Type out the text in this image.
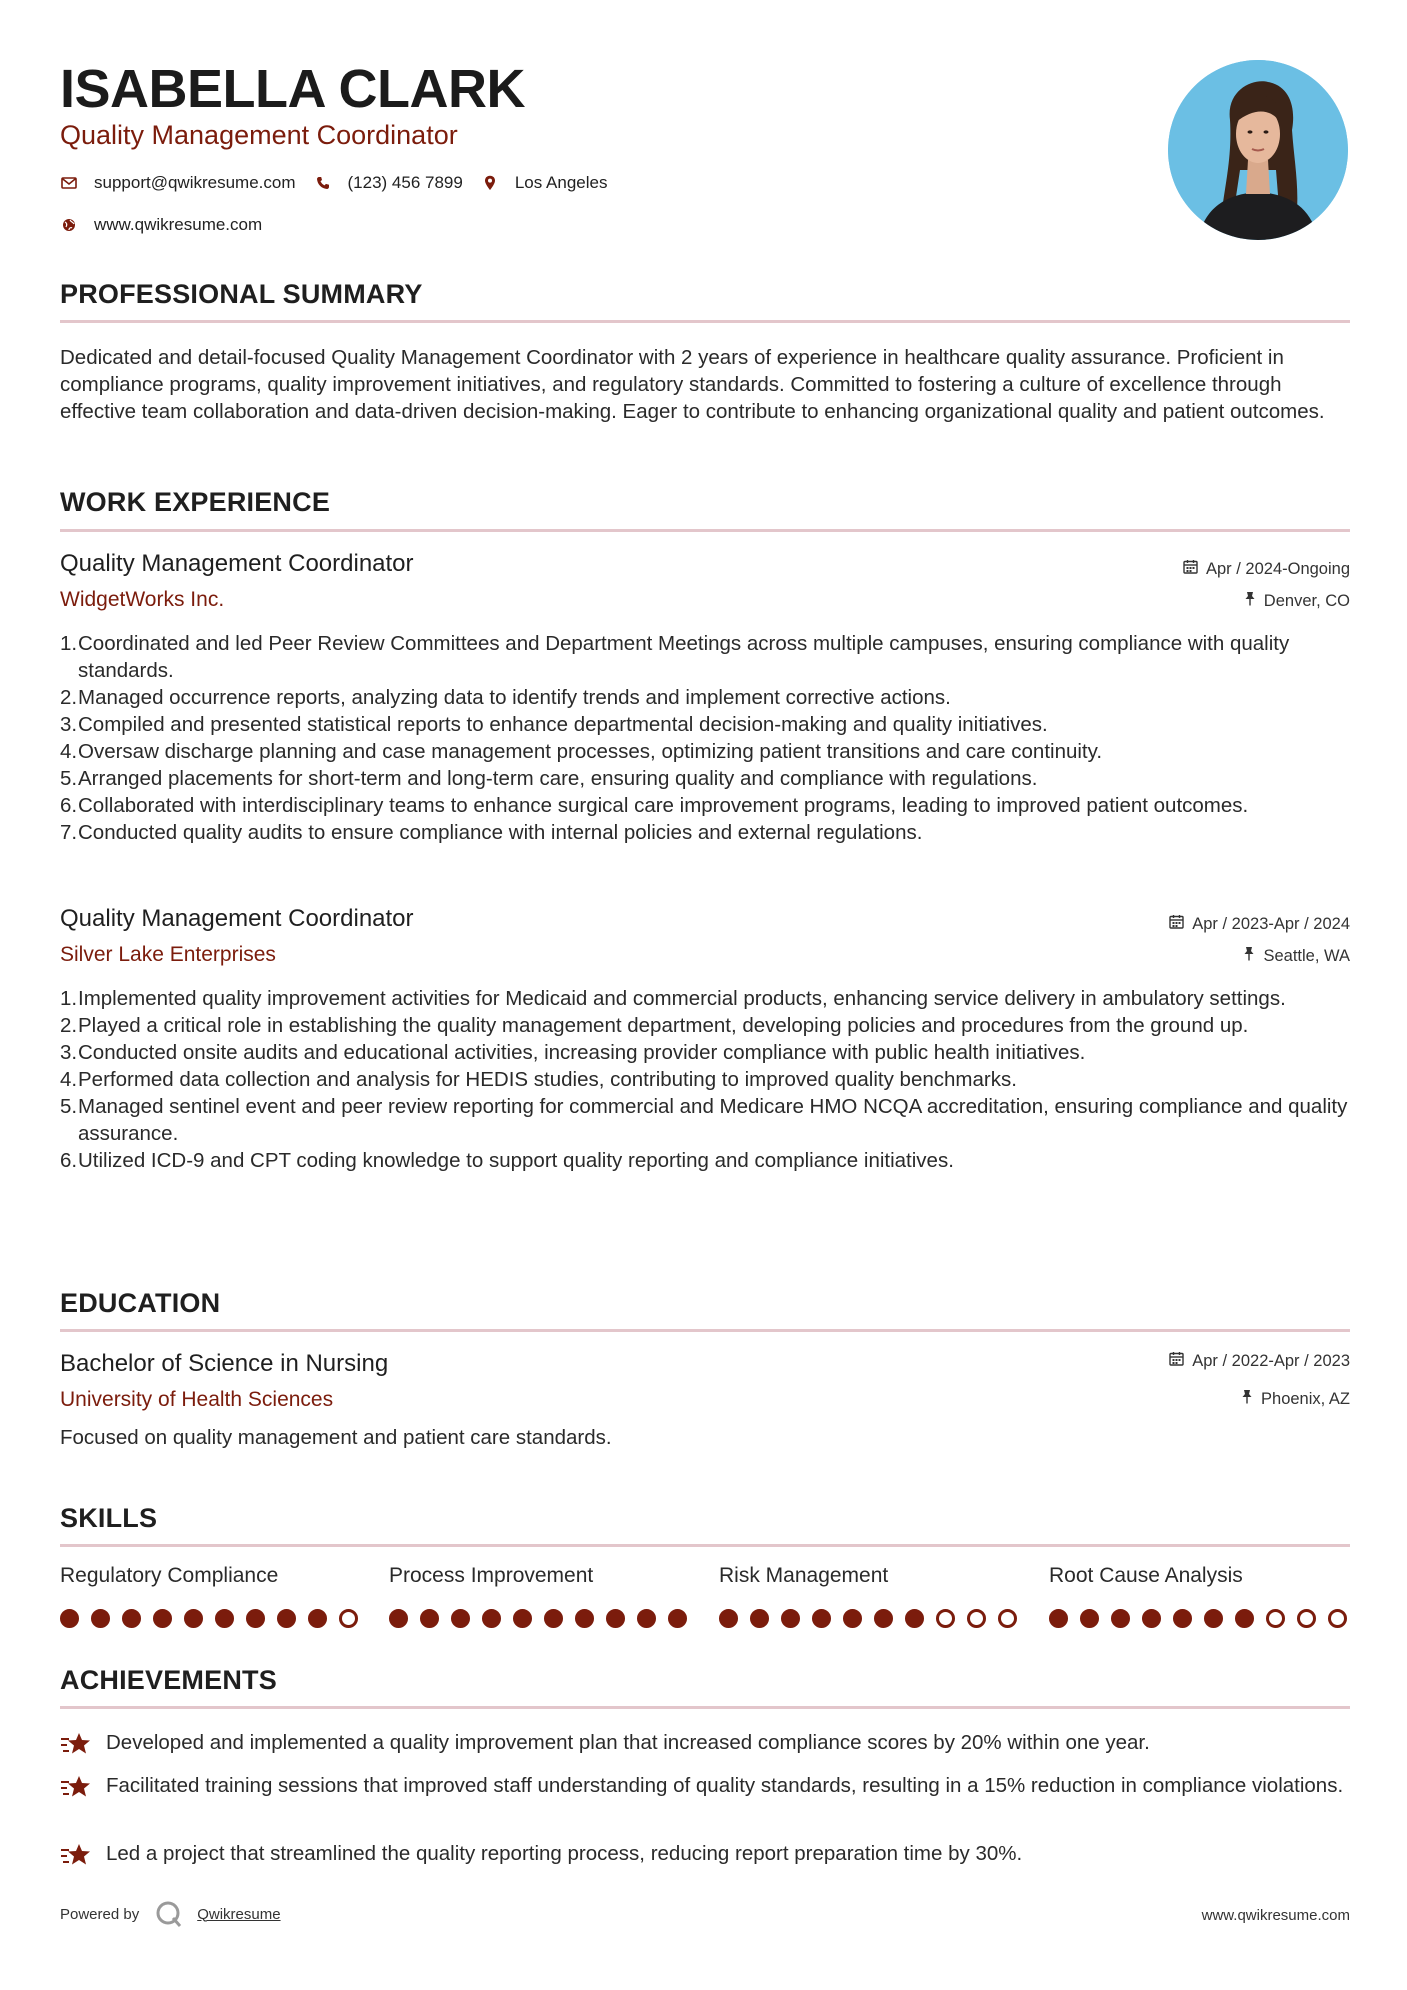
ISABELLA CLARK
Quality Management Coordinator
support@qwikresume.com	(123) 456 7899	Los Angeles
www.qwikresume.com
PROFESSIONAL SUMMARY
Dedicated and detail-focused Quality Management Coordinator with 2 years of experience in healthcare quality assurance. Proficient in compliance programs, quality improvement initiatives, and regulatory standards. Committed to fostering a culture of excellence through effective team collaboration and data-driven decision-making. Eager to contribute to enhancing organizational quality and patient outcomes.
WORK EXPERIENCE
Quality Management Coordinator	Apr / 2024-Ongoing
WidgetWorks Inc.	Denver, CO
1. Coordinated and led Peer Review Committees and Department Meetings across multiple campuses, ensuring compliance with quality standards.
2. Managed occurrence reports, analyzing data to identify trends and implement corrective actions.
3. Compiled and presented statistical reports to enhance departmental decision-making and quality initiatives.
4. Oversaw discharge planning and case management processes, optimizing patient transitions and care continuity.
5. Arranged placements for short-term and long-term care, ensuring quality and compliance with regulations.
6. Collaborated with interdisciplinary teams to enhance surgical care improvement programs, leading to improved patient outcomes.
7. Conducted quality audits to ensure compliance with internal policies and external regulations.
Quality Management Coordinator	Apr / 2023-Apr / 2024
Silver Lake Enterprises	Seattle, WA
1. Implemented quality improvement activities for Medicaid and commercial products, enhancing service delivery in ambulatory settings.
2. Played a critical role in establishing the quality management department, developing policies and procedures from the ground up.
3. Conducted onsite audits and educational activities, increasing provider compliance with public health initiatives.
4. Performed data collection and analysis for HEDIS studies, contributing to improved quality benchmarks.
5. Managed sentinel event and peer review reporting for commercial and Medicare HMO NCQA accreditation, ensuring compliance and quality assurance.
6. Utilized ICD-9 and CPT coding knowledge to support quality reporting and compliance initiatives.
EDUCATION
Bachelor of Science in Nursing	Apr / 2022-Apr / 2023
University of Health Sciences	Phoenix, AZ
Focused on quality management and patient care standards.
SKILLS
Regulatory Compliance	Process Improvement	Risk Management	Root Cause Analysis
ACHIEVEMENTS
Developed and implemented a quality improvement plan that increased compliance scores by 20% within one year.
Facilitated training sessions that improved staff understanding of quality standards, resulting in a 15% reduction in compliance violations.
Led a project that streamlined the quality reporting process, reducing report preparation time by 30%.
Powered by	Qwikresume	www.qwikresume.com
